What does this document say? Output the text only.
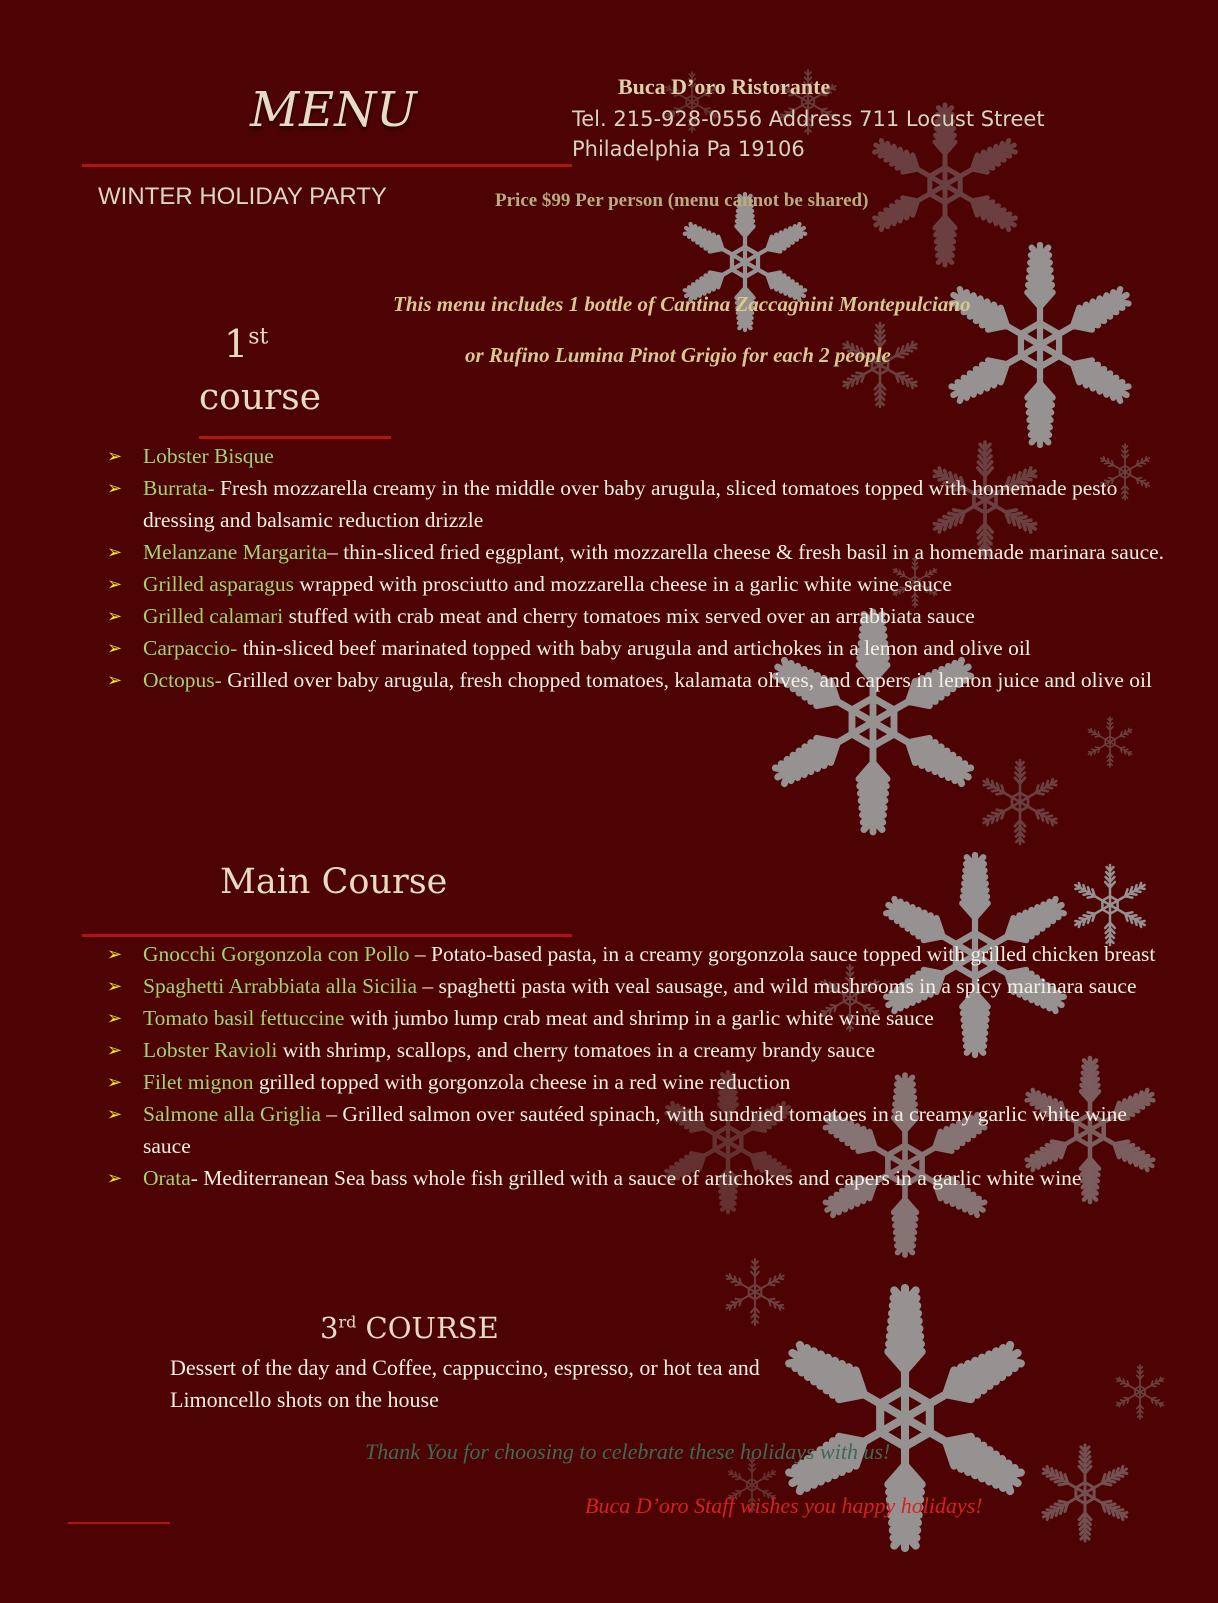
MENU
WINTER HOLIDAY PARTY
Buca D’oro Ristorante
Tel. 215-928-0556 Address 711 Locust Street
Philadelphia Pa 19106
Price $99 Per person (menu cannot be shared)
This menu includes 1 bottle of Cantina Zaccagnini Montepulciano
or Rufino Lumina Pinot Grigio for each 2 people
1st
course
➢ Lobster Bisque
➢ Burrata- Fresh mozzarella creamy in the middle over baby arugula, sliced tomatoes topped with homemade pesto dressing and balsamic reduction drizzle
➢ Melanzane Margarita– thin-sliced fried eggplant, with mozzarella cheese & fresh basil in a homemade marinara sauce.
➢ Grilled asparagus wrapped with prosciutto and mozzarella cheese in a garlic white wine sauce
➢ Grilled calamari stuffed with crab meat and cherry tomatoes mix served over an arrabbiata sauce
➢ Carpaccio- thin-sliced beef marinated topped with baby arugula and artichokes in a lemon and olive oil
➢ Octopus- Grilled over baby arugula, fresh chopped tomatoes, kalamata olives, and capers in lemon juice and olive oil
Main Course
➢ Gnocchi Gorgonzola con Pollo – Potato-based pasta, in a creamy gorgonzola sauce topped with grilled chicken breast
➢ Spaghetti Arrabbiata alla Sicilia – spaghetti pasta with veal sausage, and wild mushrooms in a spicy marinara sauce
➢ Tomato basil fettuccine with jumbo lump crab meat and shrimp in a garlic white wine sauce
➢ Lobster Ravioli with shrimp, scallops, and cherry tomatoes in a creamy brandy sauce
➢ Filet mignon grilled topped with gorgonzola cheese in a red wine reduction
➢ Salmone alla Griglia – Grilled salmon over sautéed spinach, with sundried tomatoes in a creamy garlic white wine sauce
➢ Orata- Mediterranean Sea bass whole fish grilled with a sauce of artichokes and capers in a garlic white wine
3rd COURSE
Dessert of the day and Coffee, cappuccino, espresso, or hot tea and
Limoncello shots on the house
Thank You for choosing to celebrate these holidays with us!
Buca D’oro Staff wishes you happy holidays!
